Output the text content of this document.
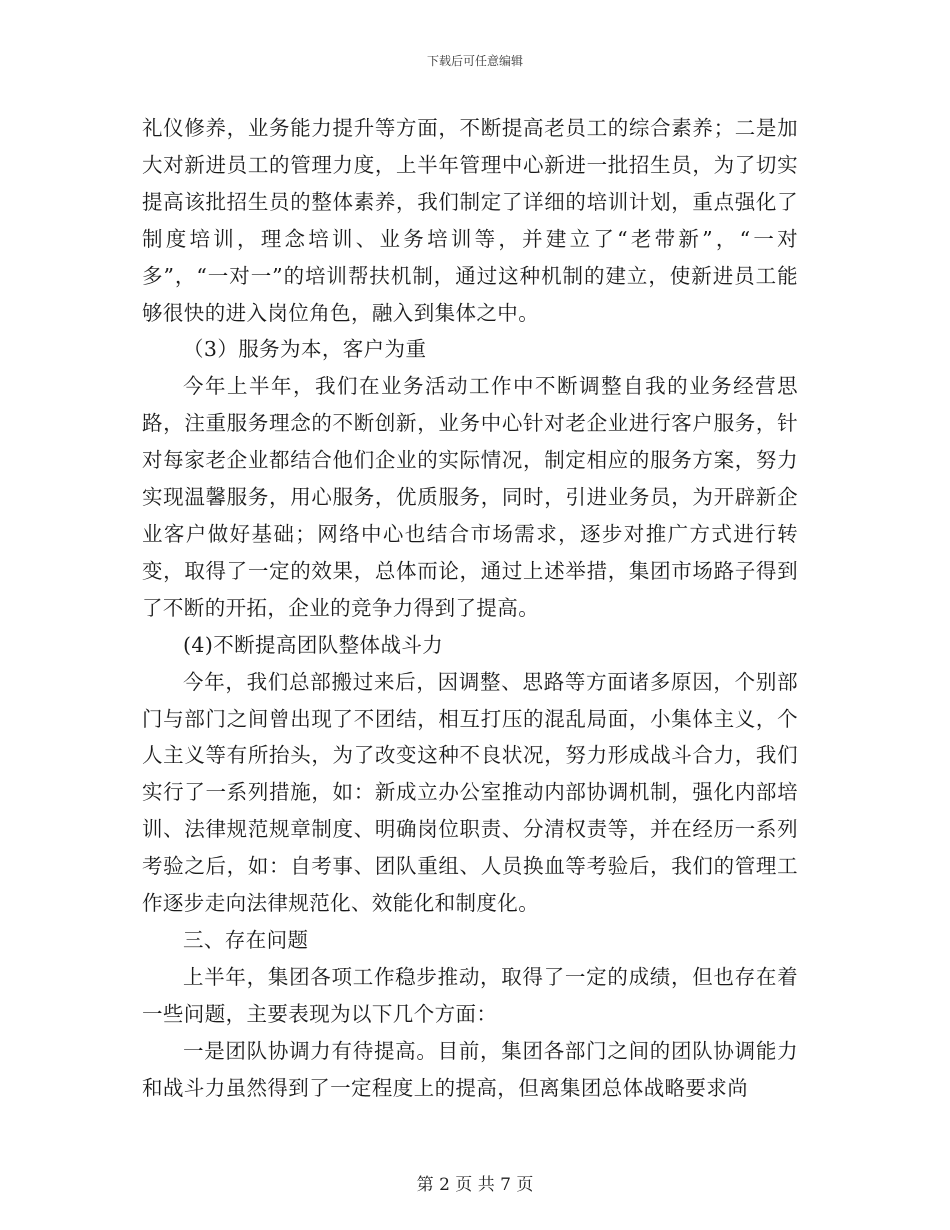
下载后可任意编辑

礼仪修养，业务能力提升等方面，不断提高老员工的综合素养；二是加大对新进员工的管理力度，上半年管理中心新进一批招生员，为了切实提高该批招生员的整体素养，我们制定了详细的培训计划，重点强化了制度培训，理念培训、业务培训等，并建立了“老带新”，“一对多”，“一对一”的培训帮扶机制，通过这种机制的建立，使新进员工能够很快的进入岗位角色，融入到集体之中。

（3）服务为本，客户为重

今年上半年，我们在业务活动工作中不断调整自我的业务经营思路，注重服务理念的不断创新，业务中心针对老企业进行客户服务，针对每家老企业都结合他们企业的实际情况，制定相应的服务方案，努力实现温馨服务，用心服务，优质服务，同时，引进业务员，为开辟新企业客户做好基础；网络中心也结合市场需求，逐步对推广方式进行转变，取得了一定的效果，总体而论，通过上述举措，集团市场路子得到了不断的开拓，企业的竞争力得到了提高。

(4)不断提高团队整体战斗力

今年，我们总部搬过来后，因调整、思路等方面诸多原因，个别部门与部门之间曾出现了不团结，相互打压的混乱局面，小集体主义，个人主义等有所抬头，为了改变这种不良状况，努力形成战斗合力，我们实行了一系列措施，如：新成立办公室推动内部协调机制，强化内部培训、法律规范规章制度、明确岗位职责、分清权责等，并在经历一系列考验之后，如：自考事、团队重组、人员换血等考验后，我们的管理工作逐步走向法律规范化、效能化和制度化。

三、存在问题

上半年，集团各项工作稳步推动，取得了一定的成绩，但也存在着一些问题，主要表现为以下几个方面：

一是团队协调力有待提高。目前，集团各部门之间的团队协调能力和战斗力虽然得到了一定程度上的提高，但离集团总体战略要求尚

第 2 页 共 7 页
